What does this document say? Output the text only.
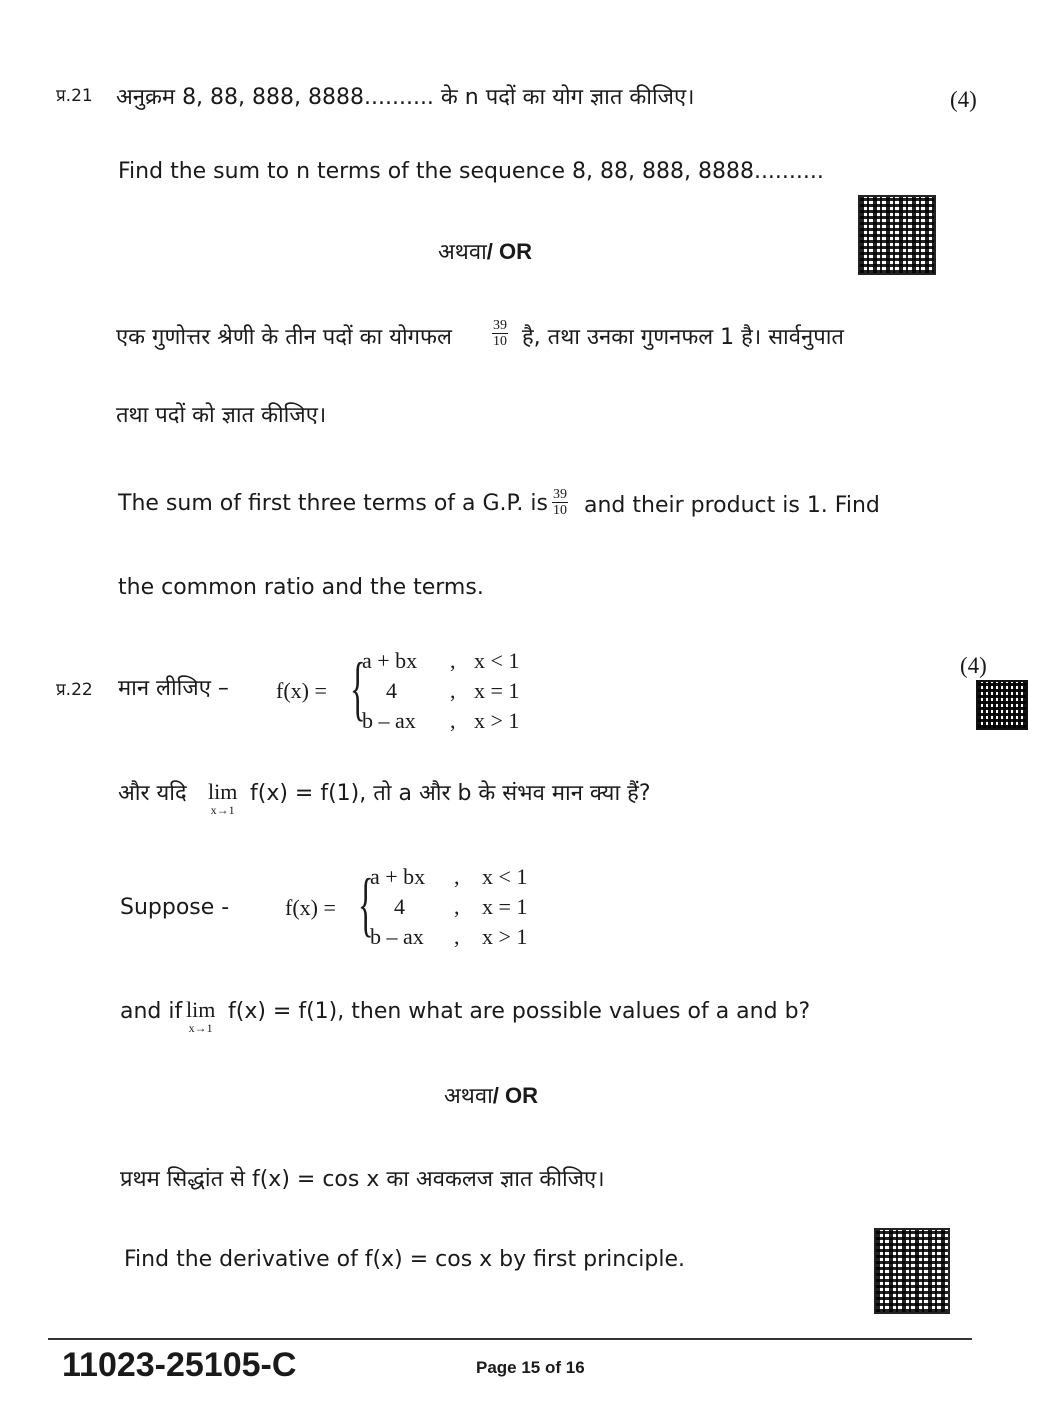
प्र.21 अनुक्रम 8, 88, 888, 8888.......... के n पदों का योग ज्ञात कीजिए।	(4)
Find the sum to n terms of the sequence 8, 88, 888, 8888..........
अथवा/ OR
एक गुणोत्तर श्रेणी के तीन पदों का योगफल	$\frac{39}{10}$ है, तथा उनका गुणनफल 1 है। सार्वनुपात
तथा पदों को ज्ञात कीजिए।
The sum of first three terms of a G.P. is $\frac{39}{10}$ and their product is 1. Find
the common ratio and the terms.
प्र.22 मान लीजिए – f(x) =
(4)
{
a + bx , x < 1
4 , x = 1
b – ax , x > 1
और यदि lim
x→1
f(x) = f(1), तो a और b के संभव मान क्या हैं?
Suppose -	f(x) = {
a + bx , x < 1
4 , x = 1
b – ax , x > 1
and if lim
x→1
f(x) = f(1), then what are possible values of a and b?
अथवा/ OR
प्रथम सिद्धांत से f(x) = cos x का अवकलज ज्ञात कीजिए।
Find the derivative of f(x) = cos x by first principle.
11023-25105-C	Page 15 of 16
